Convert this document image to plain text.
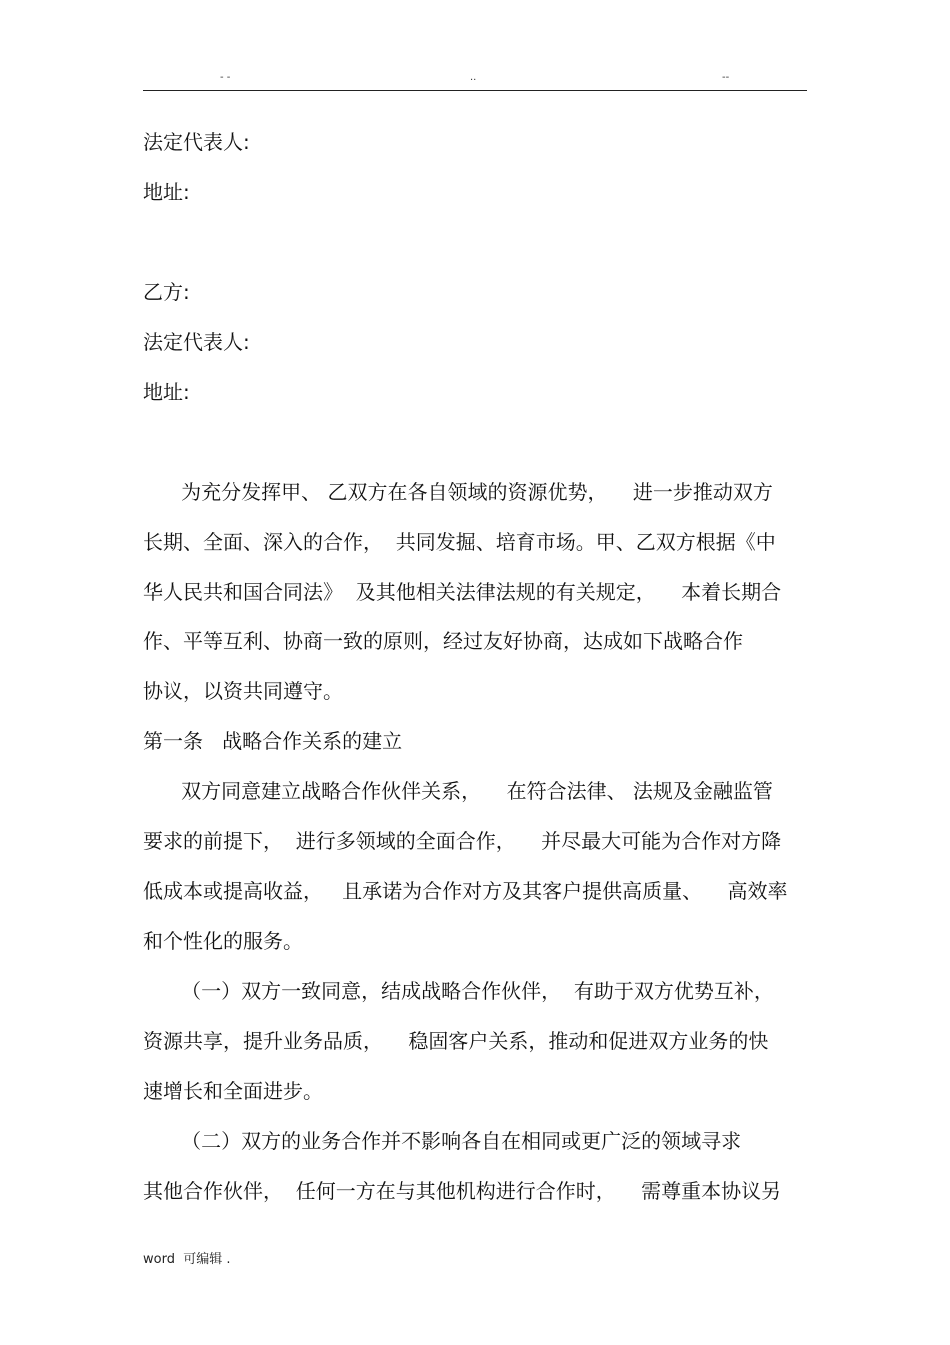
- -	..	--
法定代表人:
地址:
乙方:
法定代表人:
地址:
为充分发挥甲、 乙双方在各自领域的资源优势，    进一步推动双方
长期、全面、深入的合作，  共同发掘、培育市场。甲、乙双方根据《中
华人民共和国合同法》  及其他相关法律法规的有关规定，    本着长期合
作、平等互利、协商一致的原则，经过友好协商，达成如下战略合作
协议，以资共同遵守。
第一条   战略合作关系的建立
双方同意建立战略合作伙伴关系，    在符合法律、 法规及金融监管
要求的前提下，  进行多领域的全面合作，    并尽最大可能为合作对方降
低成本或提高收益，   且承诺为合作对方及其客户提供高质量、    高效率
和个性化的服务。
（一）双方一致同意，结成战略合作伙伴，  有助于双方优势互补，
资源共享，提升业务品质，    稳固客户关系，推动和促进双方业务的快
速增长和全面进步。
（二）双方的业务合作并不影响各自在相同或更广泛的领域寻求
其他合作伙伴，  任何一方在与其他机构进行合作时，    需尊重本协议另
word  可编辑 .
